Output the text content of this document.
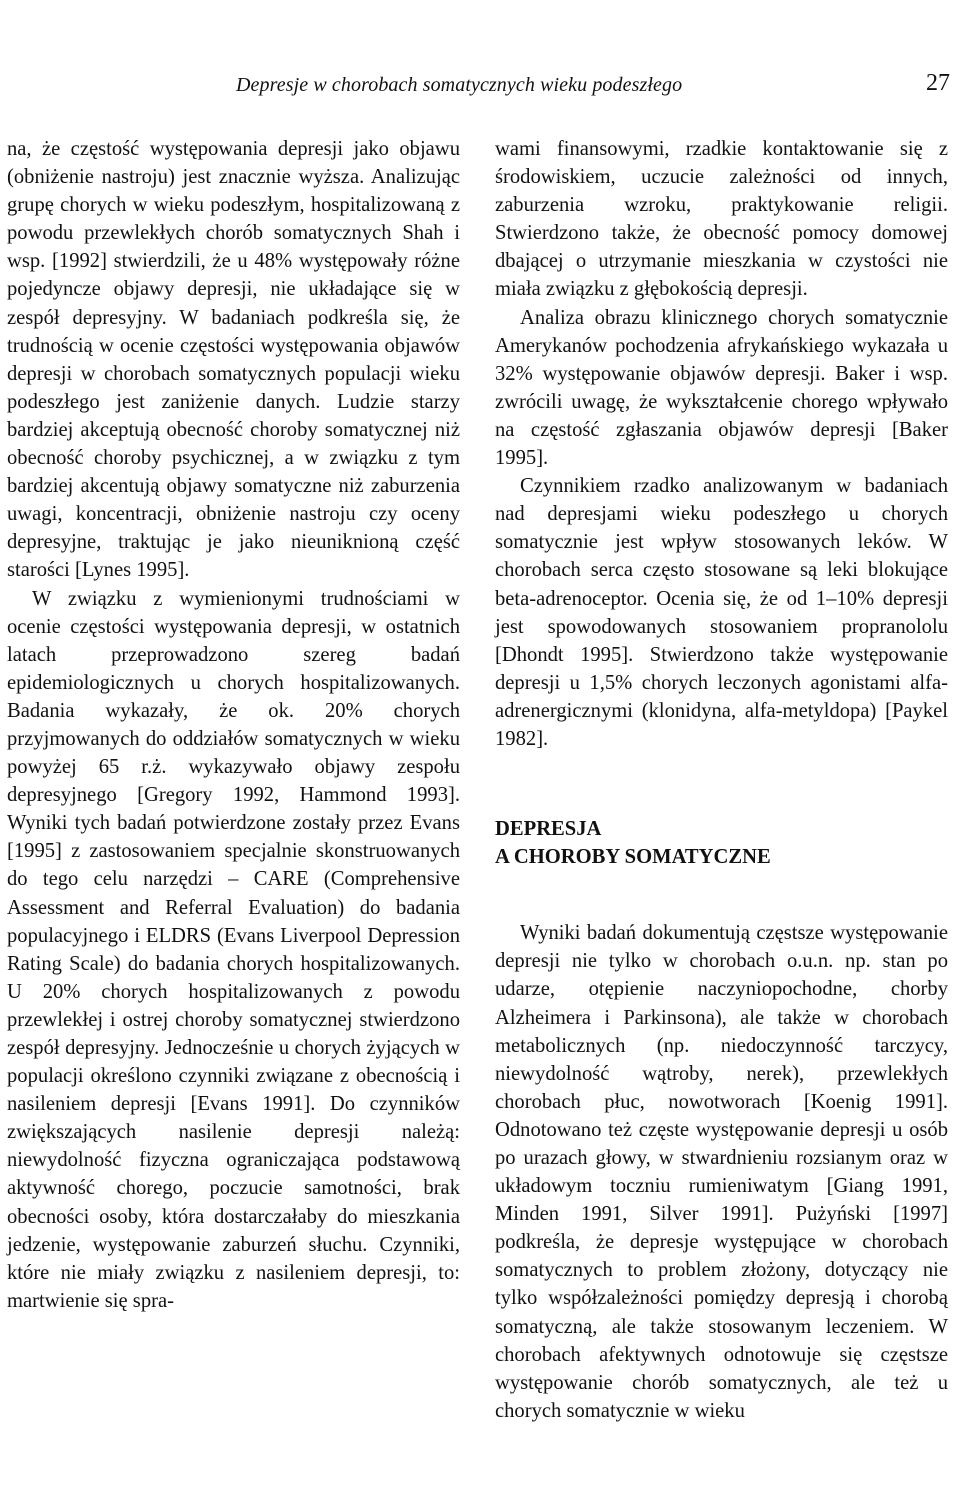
Depresje w chorobach somatycznych wieku podeszłego	27

na, że częstość występowania depresji jako objawu (obniżenie nastroju) jest znacznie wyższa. Analizując grupę chorych w wieku podeszłym, hospitalizowaną z powodu przewlekłych chorób somatycznych Shah i wsp. [1992] stwierdzili, że u 48% występowały różne pojedyncze objawy depresji, nie układające się w zespół depresyjny. W badaniach podkreśla się, że trudnością w ocenie częstości występowania objawów depresji w chorobach somatycznych populacji wieku podeszłego jest zaniżenie danych. Ludzie starzy bardziej akceptują obecność choroby somatycznej niż obecność choroby psychicznej, a w związku z tym bardziej akcentują objawy somatyczne niż zaburzenia uwagi, koncentracji, obniżenie nastroju czy oceny depresyjne, traktując je jako nieuniknioną część starości [Lynes 1995].

W związku z wymienionymi trudnościami w ocenie częstości występowania depresji, w ostatnich latach przeprowadzono szereg badań epidemiologicznych u chorych hospitalizowanych. Badania wykazały, że ok. 20% chorych przyjmowanych do oddziałów somatycznych w wieku powyżej 65 r.ż. wykazywało objawy zespołu depresyjnego [Gregory 1992, Hammond 1993]. Wyniki tych badań potwierdzone zostały przez Evans [1995] z zastosowaniem specjalnie skonstruowanych do tego celu narzędzi – CARE (Comprehensive Assessment and Referral Evaluation) do badania populacyjnego i ELDRS (Evans Liverpool Depression Rating Scale) do badania chorych hospitalizowanych. U 20% chorych hospitalizowanych z powodu przewlekłej i ostrej choroby somatycznej stwierdzono zespół depresyjny. Jednocześnie u chorych żyjących w populacji określono czynniki związane z obecnością i nasileniem depresji [Evans 1991]. Do czynników zwiększających nasilenie depresji należą: niewydolność fizyczna ograniczająca podstawową aktywność chorego, poczucie samotności, brak obecności osoby, która dostarczałaby do mieszkania jedzenie, występowanie zaburzeń słuchu. Czynniki, które nie miały związku z nasileniem depresji, to: martwienie się spra-

wami finansowymi, rzadkie kontaktowanie się z środowiskiem, uczucie zależności od innych, zaburzenia wzroku, praktykowanie religii. Stwierdzono także, że obecność pomocy domowej dbającej o utrzymanie mieszkania w czystości nie miała związku z głębokością depresji.

Analiza obrazu klinicznego chorych somatycznie Amerykanów pochodzenia afrykańskiego wykazała u 32% występowanie objawów depresji. Baker i wsp. zwrócili uwagę, że wykształcenie chorego wpływało na częstość zgłaszania objawów depresji [Baker 1995].

Czynnikiem rzadko analizowanym w badaniach nad depresjami wieku podeszłego u chorych somatycznie jest wpływ stosowanych leków. W chorobach serca często stosowane są leki blokujące beta-adrenoceptor. Ocenia się, że od 1–10% depresji jest spowodowanych stosowaniem propranololu [Dhondt 1995]. Stwierdzono także występowanie depresji u 1,5% chorych leczonych agonistami alfa-adrenergicznymi (klonidyna, alfa-metyldopa) [Paykel 1982].

DEPRESJA
A CHOROBY SOMATYCZNE

Wyniki badań dokumentują częstsze występowanie depresji nie tylko w chorobach o.u.n. np. stan po udarze, otępienie naczyniopochodne, chorby Alzheimera i Parkinsona), ale także w chorobach metabolicznych (np. niedoczynność tarczycy, niewydolność wątroby, nerek), przewlekłych chorobach płuc, nowotworach [Koenig 1991]. Odnotowano też częste występowanie depresji u osób po urazach głowy, w stwardnieniu rozsianym oraz w układowym toczniu rumieniwatym [Giang 1991, Minden 1991, Silver 1991]. Pużyński [1997] podkreśla, że depresje występujące w chorobach somatycznych to problem złożony, dotyczący nie tylko współzależności pomiędzy depresją i chorobą somatyczną, ale także stosowanym leczeniem. W chorobach afektywnych odnotowuje się częstsze występowanie chorób somatycznych, ale też u chorych somatycznie w wieku
